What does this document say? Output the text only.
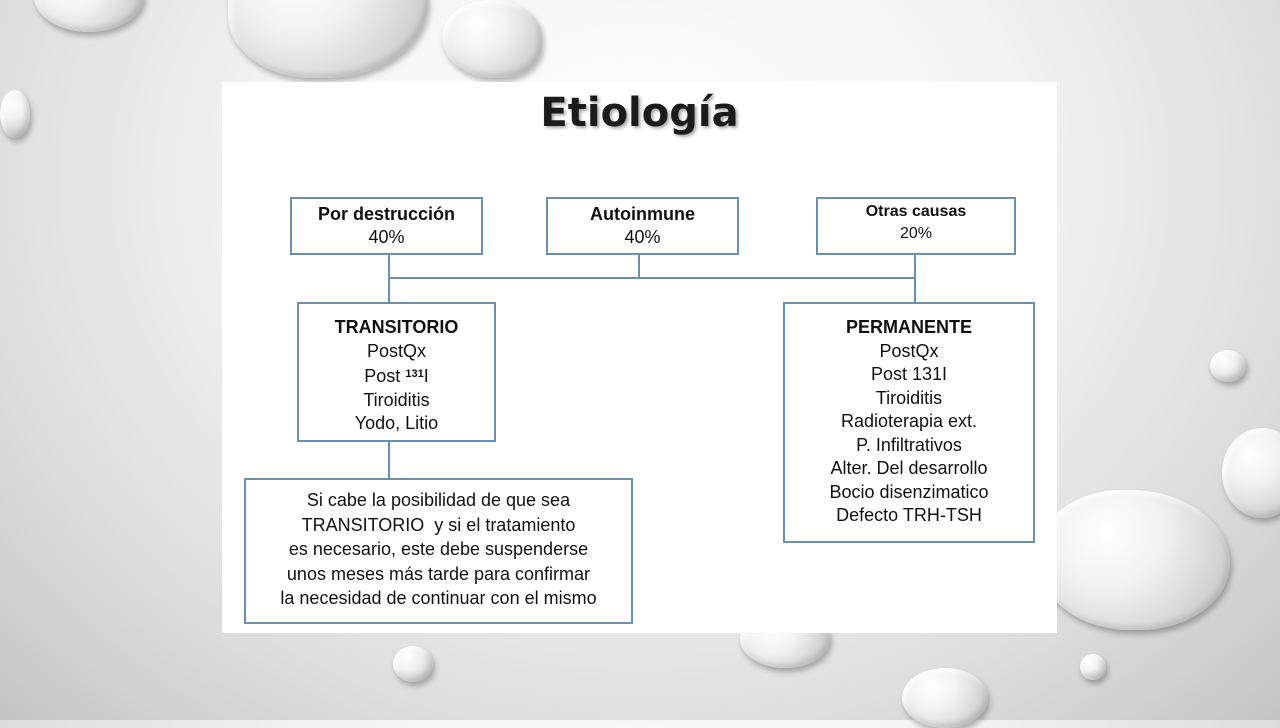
Etiología
Por destrucción
40%
Autoinmune
40%
Otras causas
20%
TRANSITORIO
PostQx
Post $^{131}$I
Tiroiditis
Yodo, Litio
PERMANENTE
PostQx
Post 131I
Tiroiditis
Radioterapia ext.
P. Infiltrativos
Alter. Del desarrollo
Bocio disenzimatico
Defecto TRH-TSH
Si cabe la posibilidad de que sea
TRANSITORIO  y si el tratamiento
es necesario, este debe suspenderse
unos meses más tarde para confirmar
la necesidad de continuar con el mismo
